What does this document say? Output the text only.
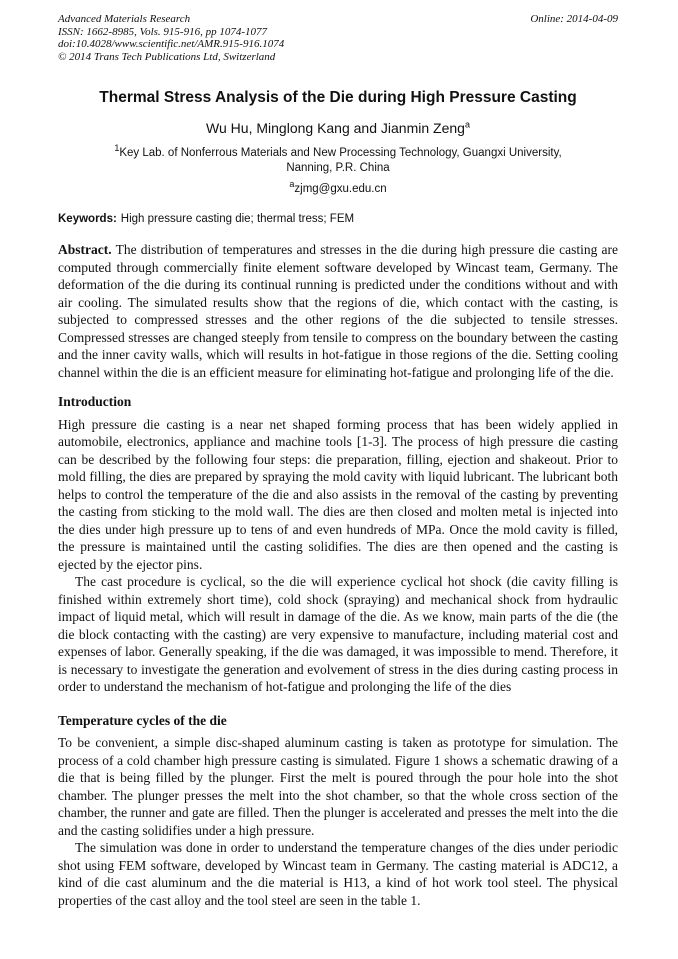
Advanced Materials Research
ISSN: 1662-8985, Vols. 915-916, pp 1074-1077
doi:10.4028/www.scientific.net/AMR.915-916.1074
© 2014 Trans Tech Publications Ltd, Switzerland
Online: 2014-04-09
Thermal Stress Analysis of the Die during High Pressure Casting
Wu Hu, Minglong Kang and Jianmin Zeng$^a$
$^1$Key Lab. of Nonferrous Materials and New Processing Technology, Guangxi University,
Nanning, P.R. China
$^a$zjmg@gxu.edu.cn
Keywords: High pressure casting die; thermal tress; FEM

Abstract. The distribution of temperatures and stresses in the die during high pressure die casting are computed through commercially finite element software developed by Wincast team, Germany. The deformation of the die during its continual running is predicted under the conditions without and with air cooling. The simulated results show that the regions of die, which contact with the casting, is subjected to compressed stresses and the other regions of the die subjected to tensile stresses. Compressed stresses are changed steeply from tensile to compress on the boundary between the casting and the inner cavity walls, which will results in hot-fatigue in those regions of the die. Setting cooling channel within the die is an efficient measure for eliminating hot-fatigue and prolonging life of the die.

Introduction

High pressure die casting is a near net shaped forming process that has been widely applied in automobile, electronics, appliance and machine tools [1-3]. The process of high pressure die casting can be described by the following four steps: die preparation, filling, ejection and shakeout. Prior to mold filling, the dies are prepared by spraying the mold cavity with liquid lubricant. The lubricant both helps to control the temperature of the die and also assists in the removal of the casting by preventing the casting from sticking to the mold wall. The dies are then closed and molten metal is injected into the dies under high pressure up to tens of and even hundreds of MPa. Once the mold cavity is filled, the pressure is maintained until the casting solidifies. The dies are then opened and the casting is ejected by the ejector pins.

The cast procedure is cyclical, so the die will experience cyclical hot shock (die cavity filling is finished within extremely short time), cold shock (spraying) and mechanical shock from hydraulic impact of liquid metal, which will result in damage of the die. As we know, main parts of the die (the die block contacting with the casting) are very expensive to manufacture, including material cost and expenses of labor. Generally speaking, if the die was damaged, it was impossible to mend. Therefore, it is necessary to investigate the generation and evolvement of stress in the dies during casting process in order to understand the mechanism of hot-fatigue and prolonging the life of the dies

Temperature cycles of the die

To be convenient, a simple disc-shaped aluminum casting is taken as prototype for simulation. The process of a cold chamber high pressure casting is simulated. Figure 1 shows a schematic drawing of a die that is being filled by the plunger. First the melt is poured through the pour hole into the shot chamber. The plunger presses the melt into the shot chamber, so that the whole cross section of the chamber, the runner and gate are filled. Then the plunger is accelerated and presses the melt into the die and the casting solidifies under a high pressure.

The simulation was done in order to understand the temperature changes of the dies under periodic shot using FEM software, developed by Wincast team in Germany. The casting material is ADC12, a kind of die cast aluminum and the die material is H13, a kind of hot work tool steel. The physical properties of the cast alloy and the tool steel are seen in the table 1.
